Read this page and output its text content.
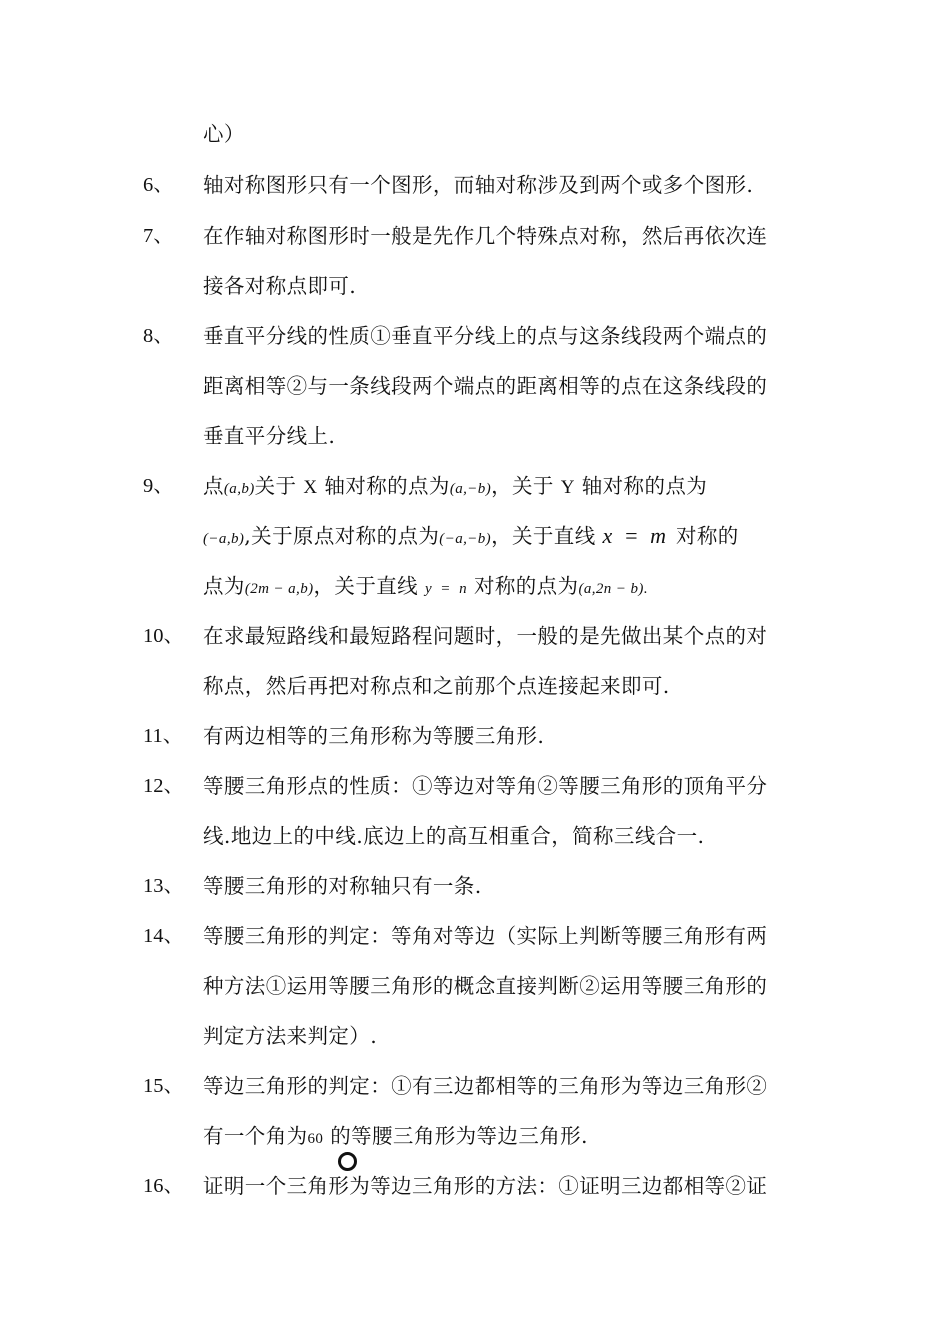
心）
6、 轴对称图形只有一个图形，而轴对称涉及到两个或多个图形.
7、 在作轴对称图形时一般是先作几个特殊点对称，然后再依次连
接各对称点即可.
8、 垂直平分线的性质①垂直平分线上的点与这条线段两个端点的
距离相等②与一条线段两个端点的距离相等的点在这条线段的
垂直平分线上.
9、 点(a,b)关于 X 轴对称的点为(a,−b)，关于 Y 轴对称的点为
(−a,b),关于原点对称的点为(−a,−b)，关于直线 x = m 对称的
点为(2m − a,b)，关于直线 y  =  n 对称的点为(a,2n − b).
10、 在求最短路线和最短路程问题时，一般的是先做出某个点的对
称点，然后再把对称点和之前那个点连接起来即可.
11、 有两边相等的三角形称为等腰三角形.
12、 等腰三角形点的性质：①等边对等角②等腰三角形的顶角平分
线.地边上的中线.底边上的高互相重合，简称三线合一.
13、 等腰三角形的对称轴只有一条.
14、 等腰三角形的判定：等角对等边（实际上判断等腰三角形有两
种方法①运用等腰三角形的概念直接判断②运用等腰三角形的
判定方法来判定）.
15、 等边三角形的判定：①有三边都相等的三角形为等边三角形②
有一个角为60 的等腰三角形为等边三角形.
16、 证明一个三角形为等边三角形的方法：①证明三边都相等②证
